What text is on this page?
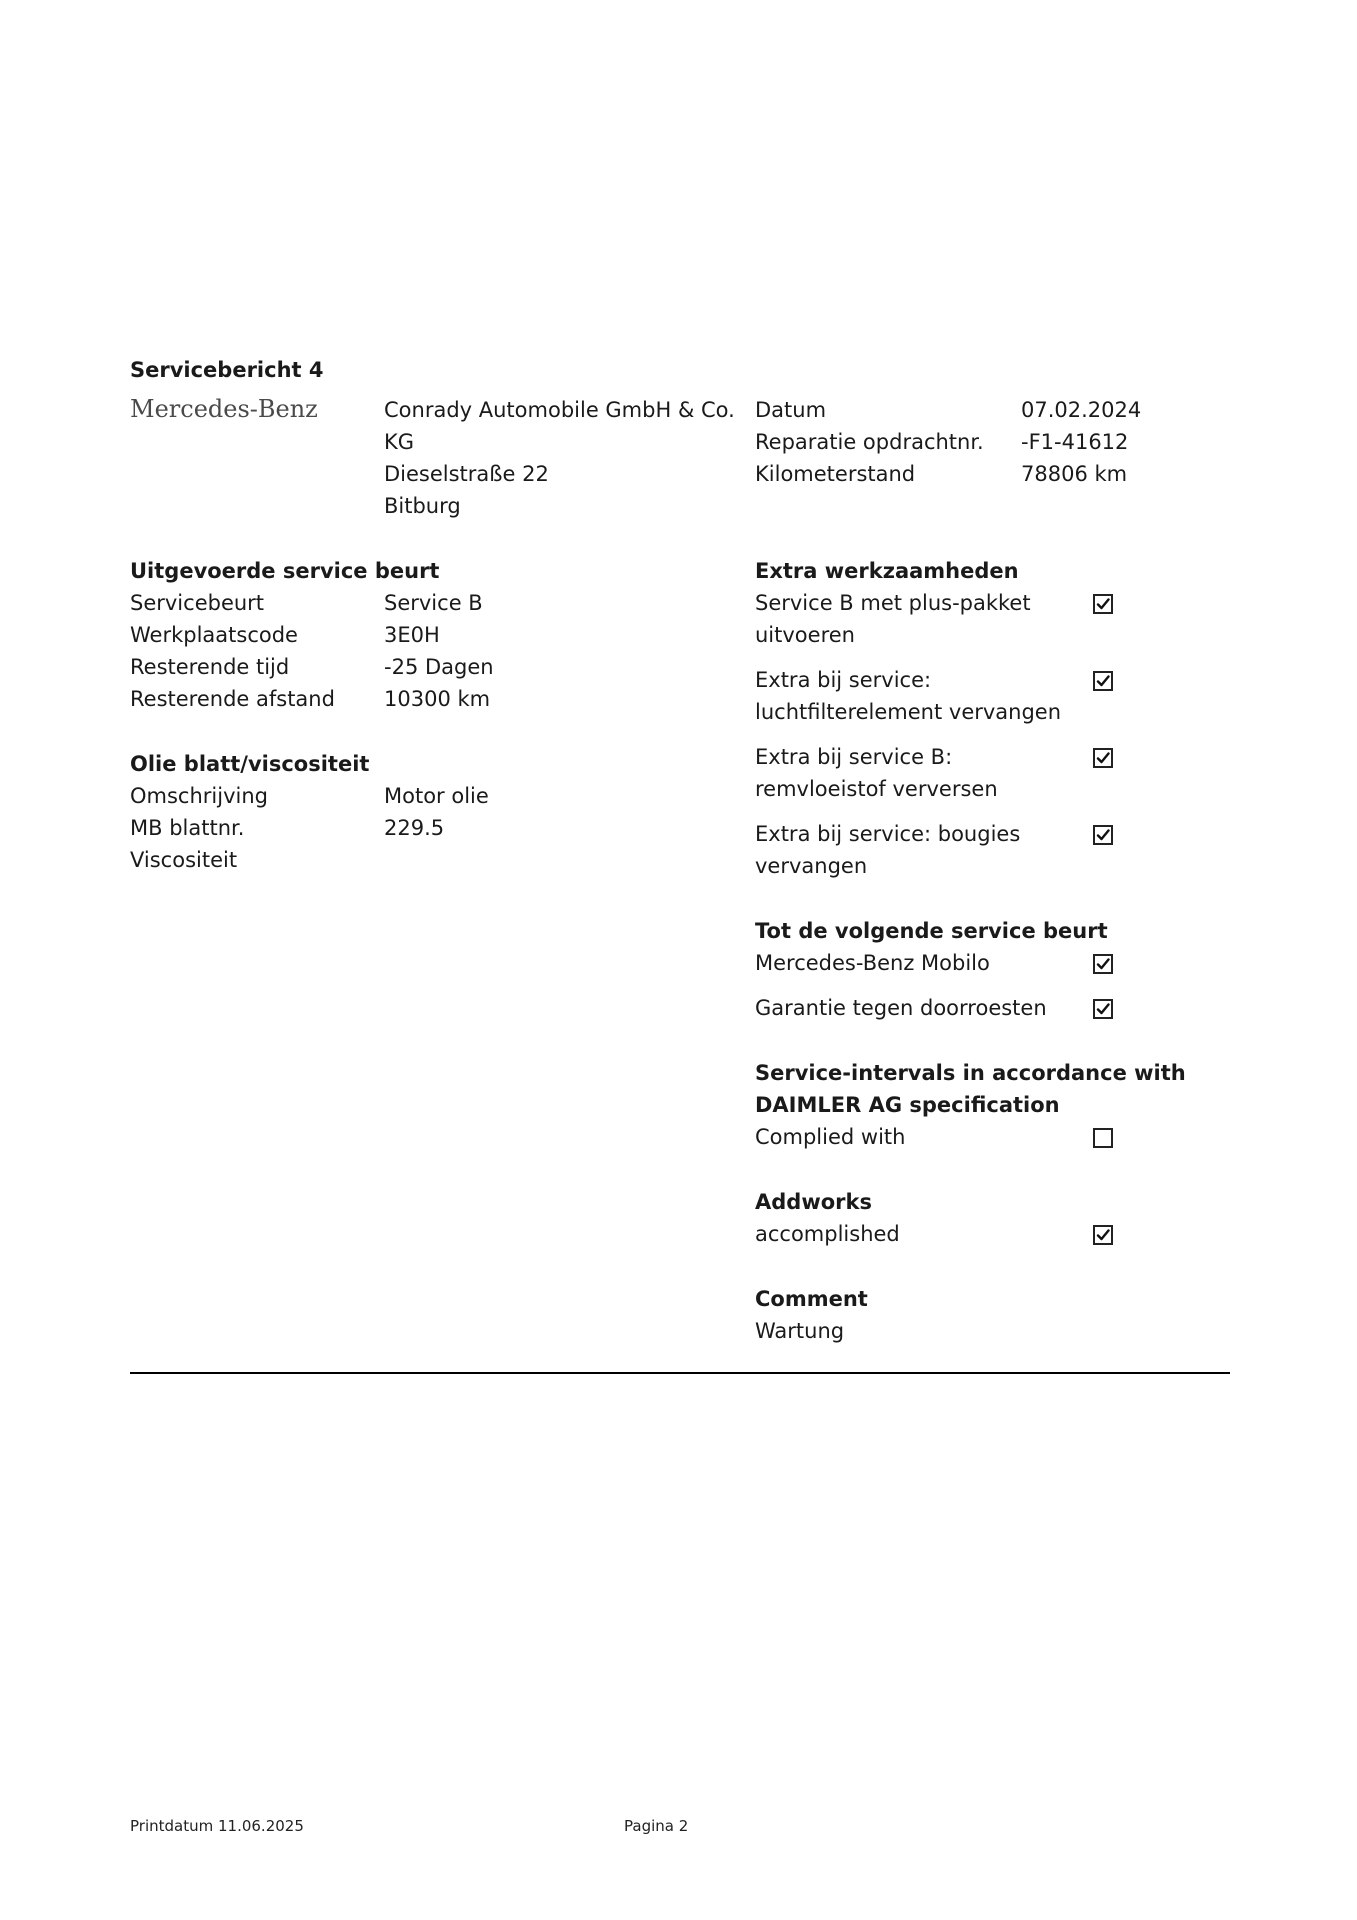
Servicebericht 4
Mercedes-Benz	Conrady Automobile GmbH & Co.
KG
Dieselstraße 22
Bitburg
Datum	07.02.2024
Reparatie opdrachtnr. -F1-41612
Kilometerstand	78806 km
Uitgevoerde service beurt
Servicebeurt	Service B
Werkplaatscode	3E0H
Resterende tijd	-25 Dagen
Resterende afstand 10300 km
Olie blatt/viscositeit
Omschrijving	Motor olie
MB blattnr.	229.5
Viscositeit
Extra werkzaamheden
Service B met plus-pakket
uitvoeren
Extra bij service:
luchtfilterelement vervangen
Extra bij service B:
remvloeistof verversen
Extra bij service: bougies
vervangen
Tot de volgende service beurt
Mercedes-Benz Mobilo
Garantie tegen doorroesten
Service-intervals in accordance with
DAIMLER AG specification
Complied with
Addworks
accomplished
Comment
Wartung
Printdatum 11.06.2025	Pagina 2
